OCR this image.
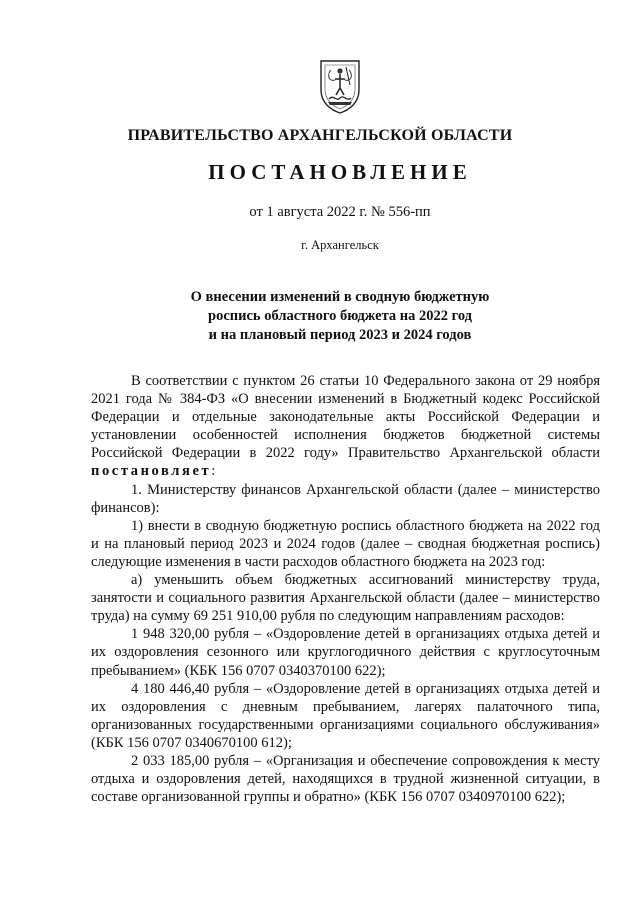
ПРАВИТЕЛЬСТВО АРХАНГЕЛЬСКОЙ ОБЛАСТИ
ПОСТАНОВЛЕНИЕ
от 1 августа 2022 г. № 556-пп
г. Архангельск
О внесении изменений в сводную бюджетную
роспись областного бюджета на 2022 год
и на плановый период 2023 и 2024 годов

В соответствии с пунктом 26 статьи 10 Федерального закона от 29 ноября 2021 года № 384-ФЗ «О внесении изменений в Бюджетный кодекс Российской Федерации и отдельные законодательные акты Российской Федерации и установлении особенностей исполнения бюджетов бюджетной системы Российской Федерации в 2022 году» Правительство Архангельской области постановляет:

1. Министерству финансов Архангельской области (далее – министерство финансов):

1) внести в сводную бюджетную роспись областного бюджета на 2022 год и на плановый период 2023 и 2024 годов (далее – сводная бюджетная роспись) следующие изменения в части расходов областного бюджета на 2023 год:

а) уменьшить объем бюджетных ассигнований министерству труда, занятости и социального развития Архангельской области (далее – министерство труда) на сумму 69 251 910,00 рубля по следующим направлениям расходов:

1 948 320,00 рубля – «Оздоровление детей в организациях отдыха детей и их оздоровления сезонного или круглогодичного действия с круглосуточным пребыванием» (КБК 156 0707 0340370100 622);

4 180 446,40 рубля – «Оздоровление детей в организациях отдыха детей и их оздоровления с дневным пребыванием, лагерях палаточного типа, организованных государственными организациями социального обслуживания» (КБК 156 0707 0340670100 612);

2 033 185,00 рубля – «Организация и обеспечение сопровождения к месту отдыха и оздоровления детей, находящихся в трудной жизненной ситуации, в составе организованной группы и обратно» (КБК 156 0707 0340970100 622);
